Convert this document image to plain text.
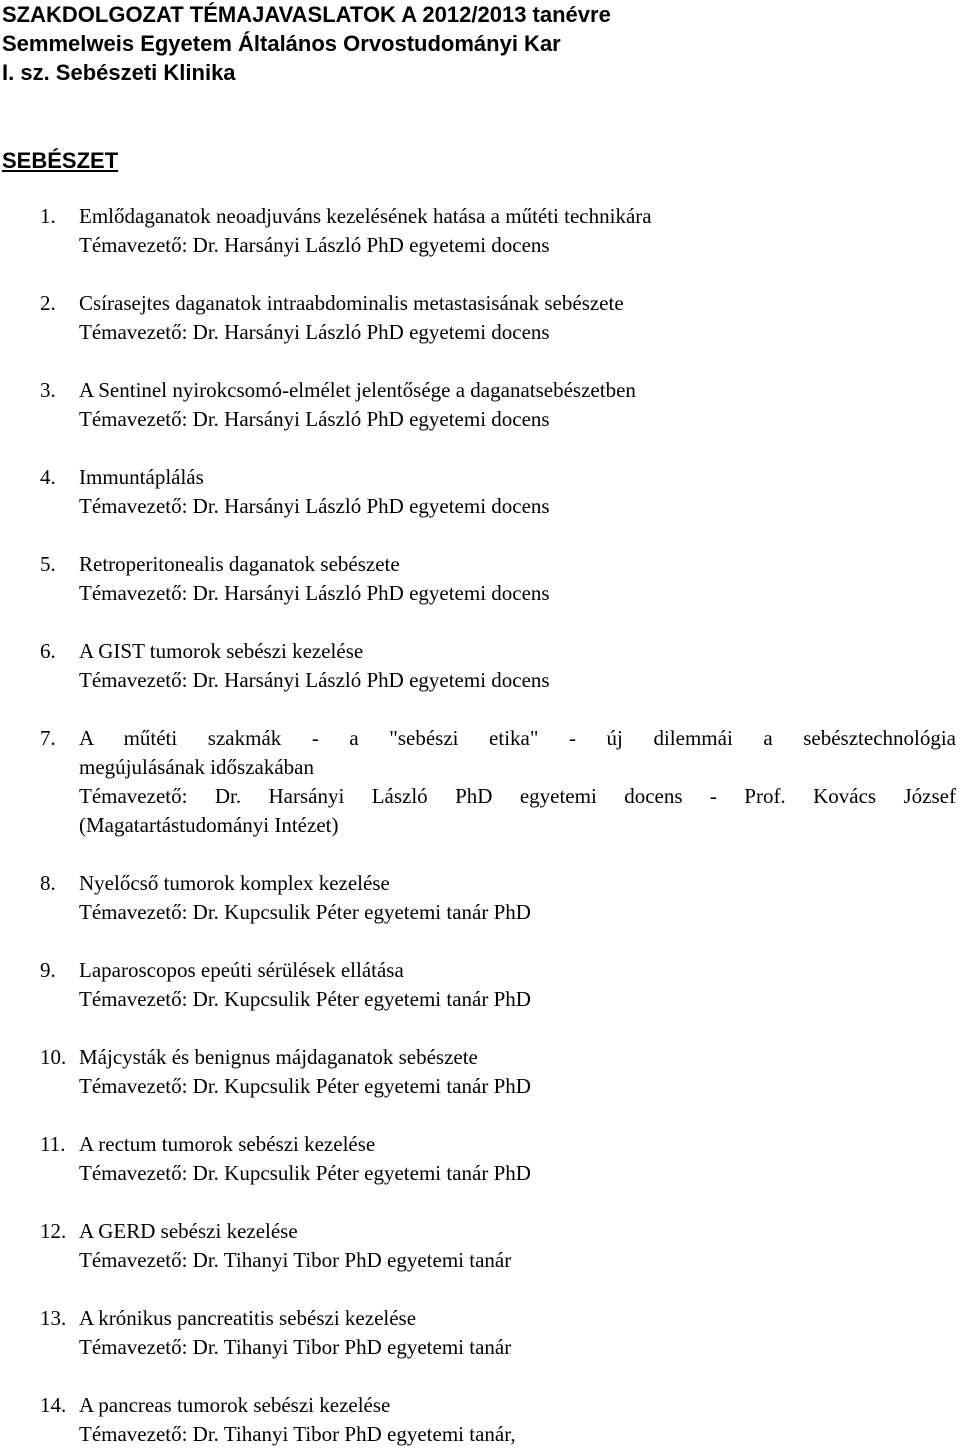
SZAKDOLGOZAT TÉMAJAVASLATOK A 2012/2013 tanévre
Semmelweis Egyetem Általános Orvostudományi Kar
I. sz. Sebészeti Klinika
SEBÉSZET
1. Emlődaganatok neoadjuváns kezelésének hatása a műtéti technikára
Témavezető: Dr. Harsányi László PhD egyetemi docens
2. Csírasejtes daganatok intraabdominalis metastasisának sebészete
Témavezető: Dr. Harsányi László PhD egyetemi docens
3. A Sentinel nyirokcsomó-elmélet jelentősége a daganatsebészetben
Témavezető: Dr. Harsányi László PhD egyetemi docens
4. Immuntáplálás
Témavezető: Dr. Harsányi László PhD egyetemi docens
5. Retroperitonealis daganatok sebészete
Témavezető: Dr. Harsányi László PhD egyetemi docens
6. A GIST tumorok sebészi kezelése
Témavezető: Dr. Harsányi László PhD egyetemi docens
7. A műtéti szakmák - a "sebészi etika" - új dilemmái a sebésztechnológia
megújulásának időszakában
Témavezető: Dr. Harsányi László PhD egyetemi docens - Prof. Kovács József
(Magatartástudományi Intézet)
8. Nyelőcső tumorok komplex kezelése
Témavezető: Dr. Kupcsulik Péter egyetemi tanár PhD
9. Laparoscopos epeúti sérülések ellátása
Témavezető: Dr. Kupcsulik Péter egyetemi tanár PhD
10. Májcysták és benignus májdaganatok sebészete
Témavezető: Dr. Kupcsulik Péter egyetemi tanár PhD
11. A rectum tumorok sebészi kezelése
Témavezető: Dr. Kupcsulik Péter egyetemi tanár PhD
12. A GERD sebészi kezelése
Témavezető: Dr. Tihanyi Tibor PhD egyetemi tanár
13. A krónikus pancreatitis sebészi kezelése
Témavezető: Dr. Tihanyi Tibor PhD egyetemi tanár
14. A pancreas tumorok sebészi kezelése
Témavezető: Dr. Tihanyi Tibor PhD egyetemi tanár,
